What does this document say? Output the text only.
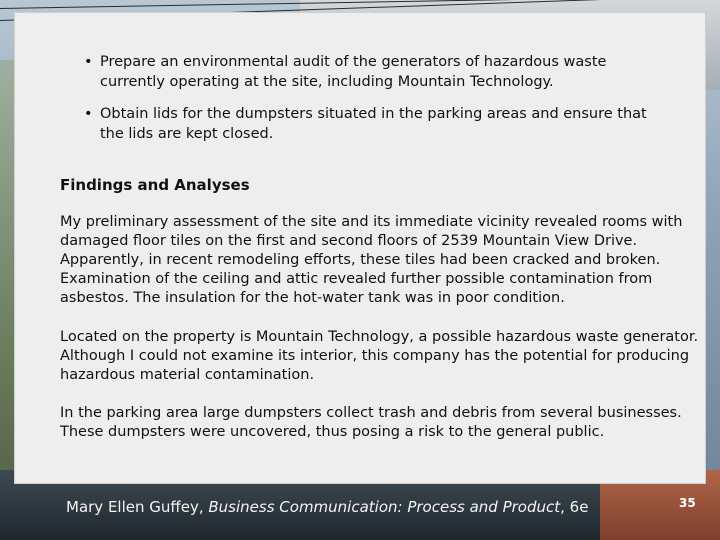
• Prepare an environmental audit of the generators of hazardous waste currently operating at the site, including Mountain Technology.
• Obtain lids for the dumpsters situated in the parking areas and ensure that the lids are kept closed.
Findings and Analyses

My preliminary assessment of the site and its immediate vicinity revealed rooms with damaged floor tiles on the first and second floors of 2539 Mountain View Drive. Apparently, in recent remodeling efforts, these tiles had been cracked and broken. Examination of the ceiling and attic revealed further possible contamination from asbestos. The insulation for the hot-water tank was in poor condition.

Located on the property is Mountain Technology, a possible hazardous waste generator. Although I could not examine its interior, this company has the potential for producing hazardous material contamination.

In the parking area large dumpsters collect trash and debris from several businesses. These dumpsters were uncovered, thus posing a risk to the general public.

Mary Ellen Guffey, Business Communication: Process and Product, 6e	35
